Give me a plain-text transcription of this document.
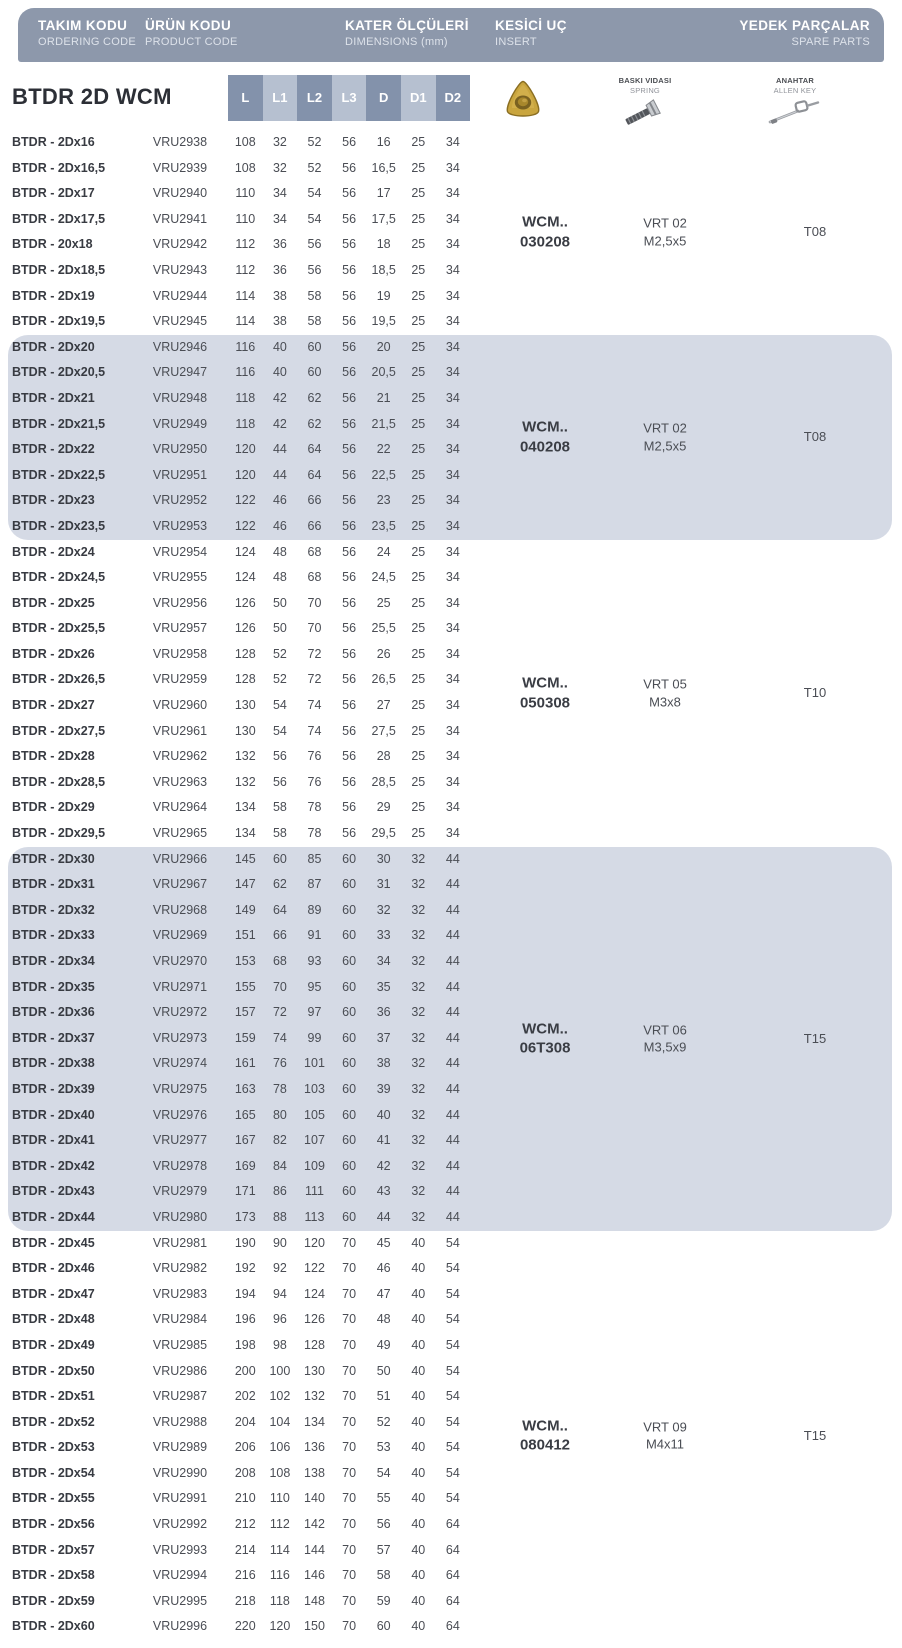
TAKIM KODU
ORDERING CODE
ÜRÜN KODU
PRODUCT CODE
KATER ÖLÇÜLERİ
DIMENSIONS (mm)
KESİCİ UÇ
INSERT
YEDEK PARÇALAR
SPARE PARTS
BTDR 2D WCM	L	L1	L2	L3	D	D1	D2
BASKI VIDASI
SPRING
ANAHTAR
ALLEN KEY
BTDR - 2Dx16	VRU2938	108	32	52	56	16	25	34
BTDR - 2Dx16,5	VRU2939	108	32	52	56	16,5	25	34
BTDR - 2Dx17	VRU2940	110	34	54	56	17	25	34
BTDR - 2Dx17,5	VRU2941	110	34	54	56	17,5	25	34
BTDR - 20x18	VRU2942	112	36	56	56	18	25	34
BTDR - 2Dx18,5	VRU2943	112	36	56	56	18,5	25	34
BTDR - 2Dx19	VRU2944	114	38	58	56	19	25	34
BTDR - 2Dx19,5	VRU2945	114	38	58	56	19,5	25	34
BTDR - 2Dx20	VRU2946	116	40	60	56	20	25	34
BTDR - 2Dx20,5	VRU2947	116	40	60	56	20,5	25	34
BTDR - 2Dx21	VRU2948	118	42	62	56	21	25	34
BTDR - 2Dx21,5	VRU2949	118	42	62	56	21,5	25	34
BTDR - 2Dx22	VRU2950	120	44	64	56	22	25	34
BTDR - 2Dx22,5	VRU2951	120	44	64	56	22,5	25	34
BTDR - 2Dx23	VRU2952	122	46	66	56	23	25	34
BTDR - 2Dx23,5	VRU2953	122	46	66	56	23,5	25	34
BTDR - 2Dx24	VRU2954	124	48	68	56	24	25	34
BTDR - 2Dx24,5	VRU2955	124	48	68	56	24,5	25	34
BTDR - 2Dx25	VRU2956	126	50	70	56	25	25	34
BTDR - 2Dx25,5	VRU2957	126	50	70	56	25,5	25	34
BTDR - 2Dx26	VRU2958	128	52	72	56	26	25	34
BTDR - 2Dx26,5	VRU2959	128	52	72	56	26,5	25	34
BTDR - 2Dx27	VRU2960	130	54	74	56	27	25	34
BTDR - 2Dx27,5	VRU2961	130	54	74	56	27,5	25	34
BTDR - 2Dx28	VRU2962	132	56	76	56	28	25	34
BTDR - 2Dx28,5	VRU2963	132	56	76	56	28,5	25	34
BTDR - 2Dx29	VRU2964	134	58	78	56	29	25	34
BTDR - 2Dx29,5	VRU2965	134	58	78	56	29,5	25	34
BTDR - 2Dx30	VRU2966	145	60	85	60	30	32	44
BTDR - 2Dx31	VRU2967	147	62	87	60	31	32	44
BTDR - 2Dx32	VRU2968	149	64	89	60	32	32	44
BTDR - 2Dx33	VRU2969	151	66	91	60	33	32	44
BTDR - 2Dx34	VRU2970	153	68	93	60	34	32	44
BTDR - 2Dx35	VRU2971	155	70	95	60	35	32	44
BTDR - 2Dx36	VRU2972	157	72	97	60	36	32	44
BTDR - 2Dx37	VRU2973	159	74	99	60	37	32	44
BTDR - 2Dx38	VRU2974	161	76	101	60	38	32	44
BTDR - 2Dx39	VRU2975	163	78	103	60	39	32	44
BTDR - 2Dx40	VRU2976	165	80	105	60	40	32	44
BTDR - 2Dx41	VRU2977	167	82	107	60	41	32	44
BTDR - 2Dx42	VRU2978	169	84	109	60	42	32	44
BTDR - 2Dx43	VRU2979	171	86	111	60	43	32	44
BTDR - 2Dx44	VRU2980	173	88	113	60	44	32	44
BTDR - 2Dx45	VRU2981	190	90	120	70	45	40	54
BTDR - 2Dx46	VRU2982	192	92	122	70	46	40	54
BTDR - 2Dx47	VRU2983	194	94	124	70	47	40	54
BTDR - 2Dx48	VRU2984	196	96	126	70	48	40	54
BTDR - 2Dx49	VRU2985	198	98	128	70	49	40	54
BTDR - 2Dx50	VRU2986	200	100	130	70	50	40	54
BTDR - 2Dx51	VRU2987	202	102	132	70	51	40	54
BTDR - 2Dx52	VRU2988	204	104	134	70	52	40	54
BTDR - 2Dx53	VRU2989	206	106	136	70	53	40	54
BTDR - 2Dx54	VRU2990	208	108	138	70	54	40	54
BTDR - 2Dx55	VRU2991	210	110	140	70	55	40	54
BTDR - 2Dx56	VRU2992	212	112	142	70	56	40	64
BTDR - 2Dx57	VRU2993	214	114	144	70	57	40	64
BTDR - 2Dx58	VRU2994	216	116	146	70	58	40	64
BTDR - 2Dx59	VRU2995	218	118	148	70	59	40	64
BTDR - 2Dx60	VRU2996	220	120	150	70	60	40	64
WCM..
030208
VRT 02
M2,5x5
T08
WCM..
040208
VRT 02
M2,5x5
T08
WCM..
050308
VRT 05
M3x8
T10
WCM..
06T308
VRT 06
M3,5x9
T15
WCM..
080412
VRT 09
M4x11
T15
